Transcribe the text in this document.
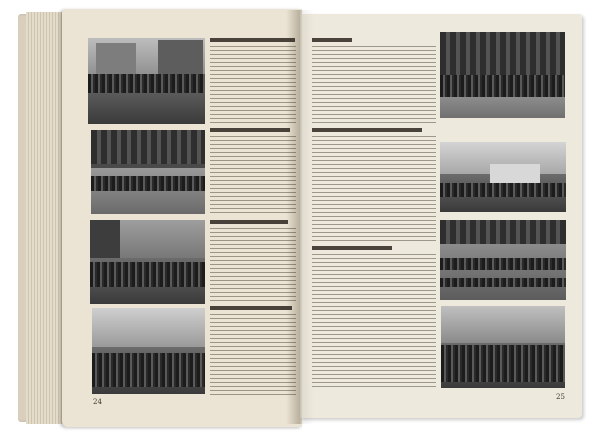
24
25
